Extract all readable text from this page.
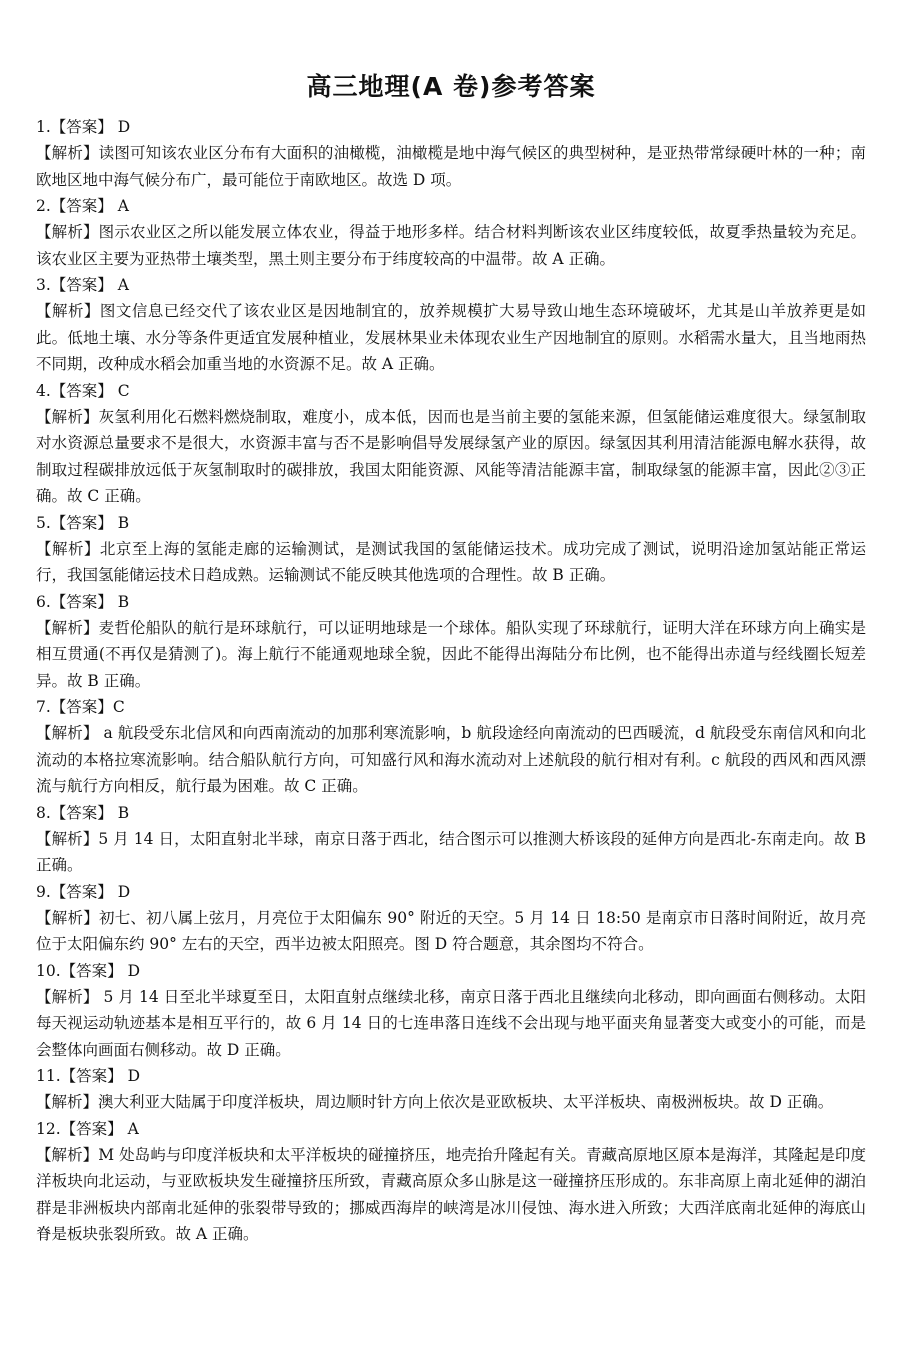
高三地理(A 卷)参考答案
1.【答案】 D

【解析】读图可知该农业区分布有大面积的油橄榄，油橄榄是地中海气候区的典型树种，是亚热带常绿硬叶林的一种；南欧地区地中海气候分布广，最可能位于南欧地区。故选 D 项。

2.【答案】 A

【解析】图示农业区之所以能发展立体农业，得益于地形多样。结合材料判断该农业区纬度较低，故夏季热量较为充足。该农业区主要为亚热带土壤类型，黑土则主要分布于纬度较高的中温带。故 A 正确。

3.【答案】 A

【解析】图文信息已经交代了该农业区是因地制宜的，放养规模扩大易导致山地生态环境破坏，尤其是山羊放养更是如此。低地土壤、水分等条件更适宜发展种植业，发展林果业未体现农业生产因地制宜的原则。水稻需水量大，且当地雨热不同期，改种成水稻会加重当地的水资源不足。故 A 正确。

4.【答案】 C

【解析】灰氢利用化石燃料燃烧制取，难度小，成本低，因而也是当前主要的氢能来源，但氢能储运难度很大。绿氢制取对水资源总量要求不是很大，水资源丰富与否不是影响倡导发展绿氢产业的原因。绿氢因其利用清洁能源电解水获得，故制取过程碳排放远低于灰氢制取时的碳排放，我国太阳能资源、风能等清洁能源丰富，制取绿氢的能源丰富，因此②③正确。故 C 正确。

5.【答案】 B

【解析】北京至上海的氢能走廊的运输测试，是测试我国的氢能储运技术。成功完成了测试，说明沿途加氢站能正常运行，我国氢能储运技术日趋成熟。运输测试不能反映其他选项的合理性。故 B 正确。

6.【答案】 B

【解析】麦哲伦船队的航行是环球航行，可以证明地球是一个球体。船队实现了环球航行，证明大洋在环球方向上确实是相互贯通(不再仅是猜测了)。海上航行不能通观地球全貌，因此不能得出海陆分布比例，也不能得出赤道与经线圈长短差异。故 B 正确。

7.【答案】C

【解析】 a 航段受东北信风和向西南流动的加那利寒流影响，b 航段途经向南流动的巴西暖流，d 航段受东南信风和向北流动的本格拉寒流影响。结合船队航行方向，可知盛行风和海水流动对上述航段的航行相对有利。c 航段的西风和西风漂流与航行方向相反，航行最为困难。故 C 正确。

8.【答案】 B

【解析】5 月 14 日，太阳直射北半球，南京日落于西北，结合图示可以推测大桥该段的延伸方向是西北-东南走向。故 B 正确。

9.【答案】 D

【解析】初七、初八属上弦月，月亮位于太阳偏东 90° 附近的天空。5 月 14 日 18:50 是南京市日落时间附近，故月亮位于太阳偏东约 90° 左右的天空，西半边被太阳照亮。图 D 符合题意，其余图均不符合。

10.【答案】 D

【解析】 5 月 14 日至北半球夏至日，太阳直射点继续北移，南京日落于西北且继续向北移动，即向画面右侧移动。太阳每天视运动轨迹基本是相互平行的，故 6 月 14 日的七连串落日连线不会出现与地平面夹角显著变大或变小的可能，而是会整体向画面右侧移动。故 D 正确。

11.【答案】 D

【解析】澳大利亚大陆属于印度洋板块，周边顺时针方向上依次是亚欧板块、太平洋板块、南极洲板块。故 D 正确。

12.【答案】 A

【解析】M 处岛屿与印度洋板块和太平洋板块的碰撞挤压，地壳抬升隆起有关。青藏高原地区原本是海洋，其隆起是印度洋板块向北运动，与亚欧板块发生碰撞挤压所致，青藏高原众多山脉是这一碰撞挤压形成的。东非高原上南北延伸的湖泊群是非洲板块内部南北延伸的张裂带导致的；挪威西海岸的峡湾是冰川侵蚀、海水进入所致；大西洋底南北延伸的海底山脊是板块张裂所致。故 A 正确。
